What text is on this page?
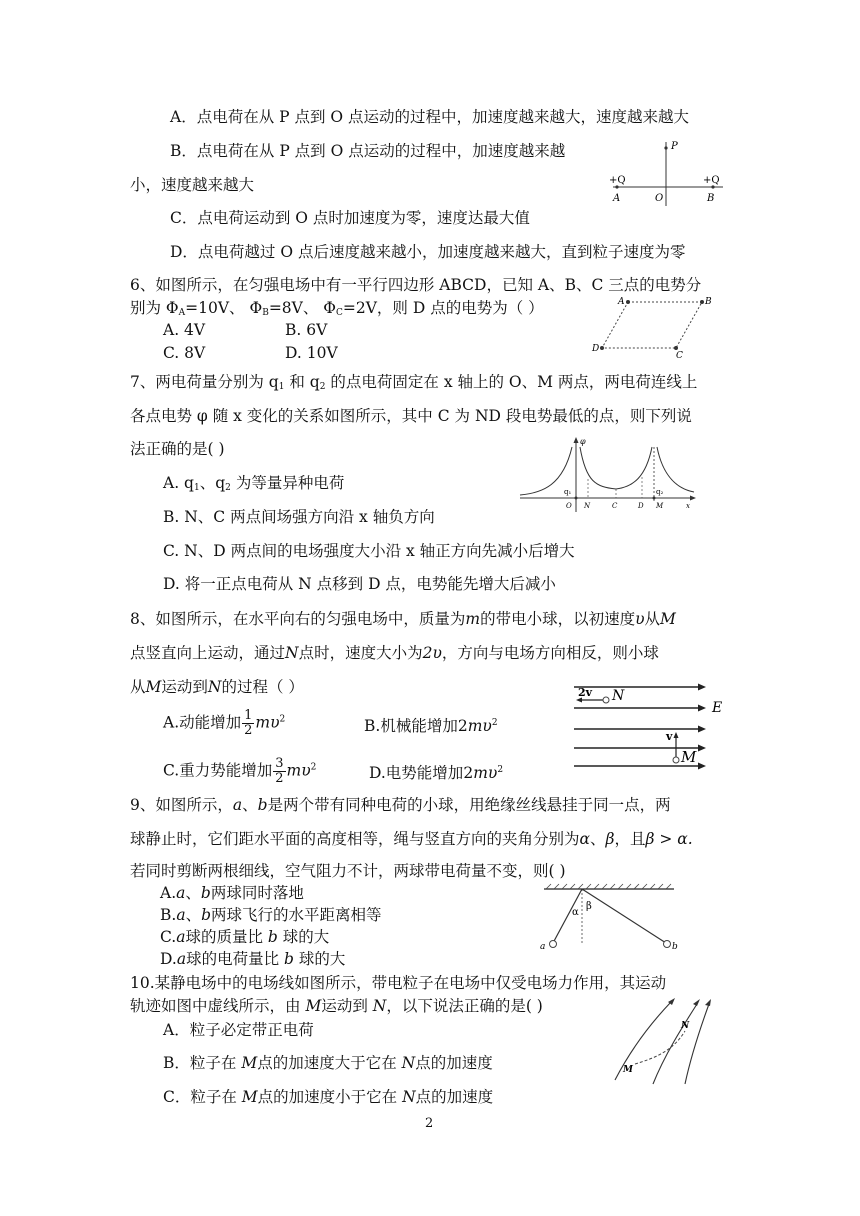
A．点电荷在从 P 点到 O 点运动的过程中，加速度越来越大，速度越来越大
B．点电荷在从 P 点到 O 点运动的过程中，加速度越来越
小，速度越来越大
C．点电荷运动到 O 点时加速度为零，速度达最大值
D．点电荷越过 O 点后速度越来越小，加速度越来越大，直到粒子速度为零
P
+Q	+Q
A	O	B
6、如图所示，在匀强电场中有一平行四边形 ABCD，已知 A、B、C 三点的电势分
别为 $\Phi_A=10V$、 $\Phi_B=8V$、 $\Phi_C=2V$，则 D 点的电势为（ ）
A. 4V	B. 6V
C. 8V	D. 10V
A	B
C
D
7、两电荷量分别为 $q_1$ 和 $q_2$ 的点电荷固定在 x 轴上的 O、M 两点，两电荷连线上
各点电势 φ 随 x 变化的关系如图所示，其中 C 为 ND 段电势最低的点，则下列说
法正确的是( )
A. $q_1$、$q_2$ 为等量异种电荷
B. N、C 两点间场强方向沿 x 轴负方向
C. N、D 两点间的电场强度大小沿 x 轴正方向先减小后增大
D. 将一正点电荷从 N 点移到 D 点，电势能先增大后减小
φ
q₁	q₂
O N	C	D M	x
8、如图所示，在水平向右的匀强电场中，质量为m的带电小球，以初速度υ从M
点竖直向上运动，通过N点时，速度大小为2υ，方向与电场方向相反，则小球
从M运动到N的过程（ ）
A.动能增加 $\frac{1}{2} m\upsilon^2$	B.机械能增加$2m\upsilon^2$
C.重力势能增加 $\frac{3}{2} m\upsilon^2$	D.电势能增加$2m\upsilon^2$
2v N
E
v
M
9、如图所示，a、b是两个带有同种电荷的小球，用绝缘丝线悬挂于同一点，两
球静止时，它们距水平面的高度相等，绳与竖直方向的夹角分别为α、β，且β > α.
若同时剪断两根细线，空气阻力不计，两球带电荷量不变，则( )
A.a、b两球同时落地
B.a、b两球飞行的水平距离相等
C.a球的质量比 b 球的大
D.a球的电荷量比 b 球的大
α
β
a	b
10.某静电场中的电场线如图所示，带电粒子在电场中仅受电场力作用，其运动
轨迹如图中虚线所示，由 M运动到 N，以下说法正确的是( )
A．粒子必定带正电荷
B．粒子在 M点的加速度大于它在 N点的加速度
C．粒子在 M点的加速度小于它在 N点的加速度
M
N
2
